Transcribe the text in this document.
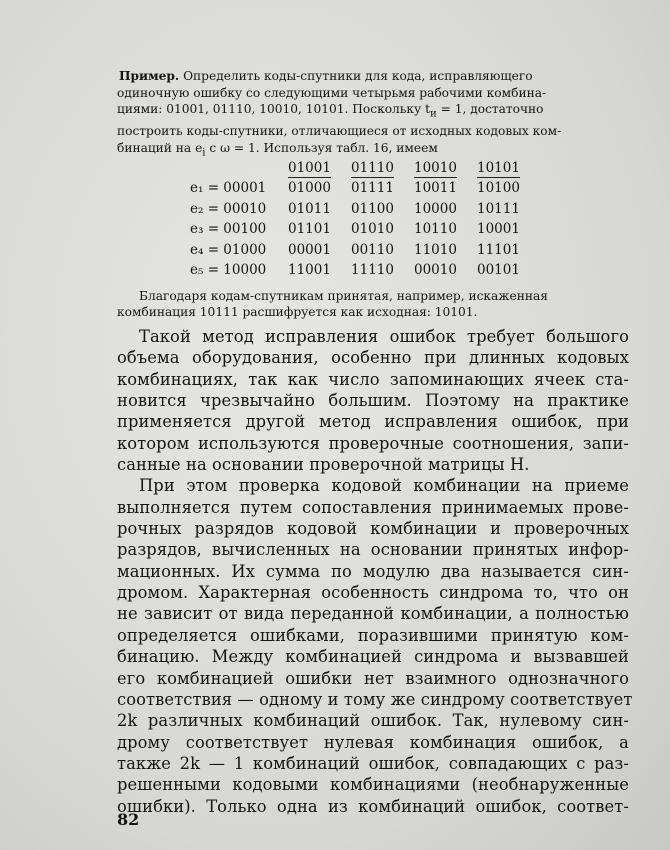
Пример. Определить коды-спутники для кода, исправляющего
одиночную ошибку со следующими четырьмя рабочими комбина-
циями: 01001, 01110, 10010, 10101. Поскольку $t_и = 1$, достаточно
построить коды-спутники, отличающиеся от исходных кодовых ком-
бинаций на $e_i$ с ω = 1. Используя табл. 16, имеем
	01001	01110	10010	10101
e₁ = 00001	01000	01111	10011	10100
e₂ = 00010	01011	01100	10000	10111
e₃ = 00100	01101	01010	10110	10001
e₄ = 01000	00001	00110	11010	11101
e₅ = 10000	11001	11110	00010	00101
Благодаря кодам-спутникам принятая, например, искаженная
комбинация 10111 расшифруется как исходная: 10101.
Такой метод исправления ошибок требует большого
объема оборудования, особенно при длинных кодовых
комбинациях, так как число запоминающих ячеек ста-
новится чрезвычайно большим. Поэтому на практике
применяется другой метод исправления ошибок, при
котором используются проверочные соотношения, запи-
санные на основании проверочной матрицы H.
При этом проверка кодовой комбинации на приеме
выполняется путем сопоставления принимаемых прове-
рочных разрядов кодовой комбинации и проверочных
разрядов, вычисленных на основании принятых инфор-
мационных. Их сумма по модулю два называется син-
дромом. Характерная особенность синдрома то, что он
не зависит от вида переданной комбинации, а полностью
определяется ошибками, поразившими принятую ком-
бинацию. Между комбинацией синдрома и вызвавшей
его комбинацией ошибки нет взаимного однозначного
соответствия — одному и тому же синдрому соответствует
2k различных комбинаций ошибок. Так, нулевому син-
дрому соответствует нулевая комбинация ошибок, а
также 2k — 1 комбинаций ошибок, совпадающих с раз-
решенными кодовыми комбинациями (необнаруженные
ошибки). Только одна из комбинаций ошибок, соответ-
82
